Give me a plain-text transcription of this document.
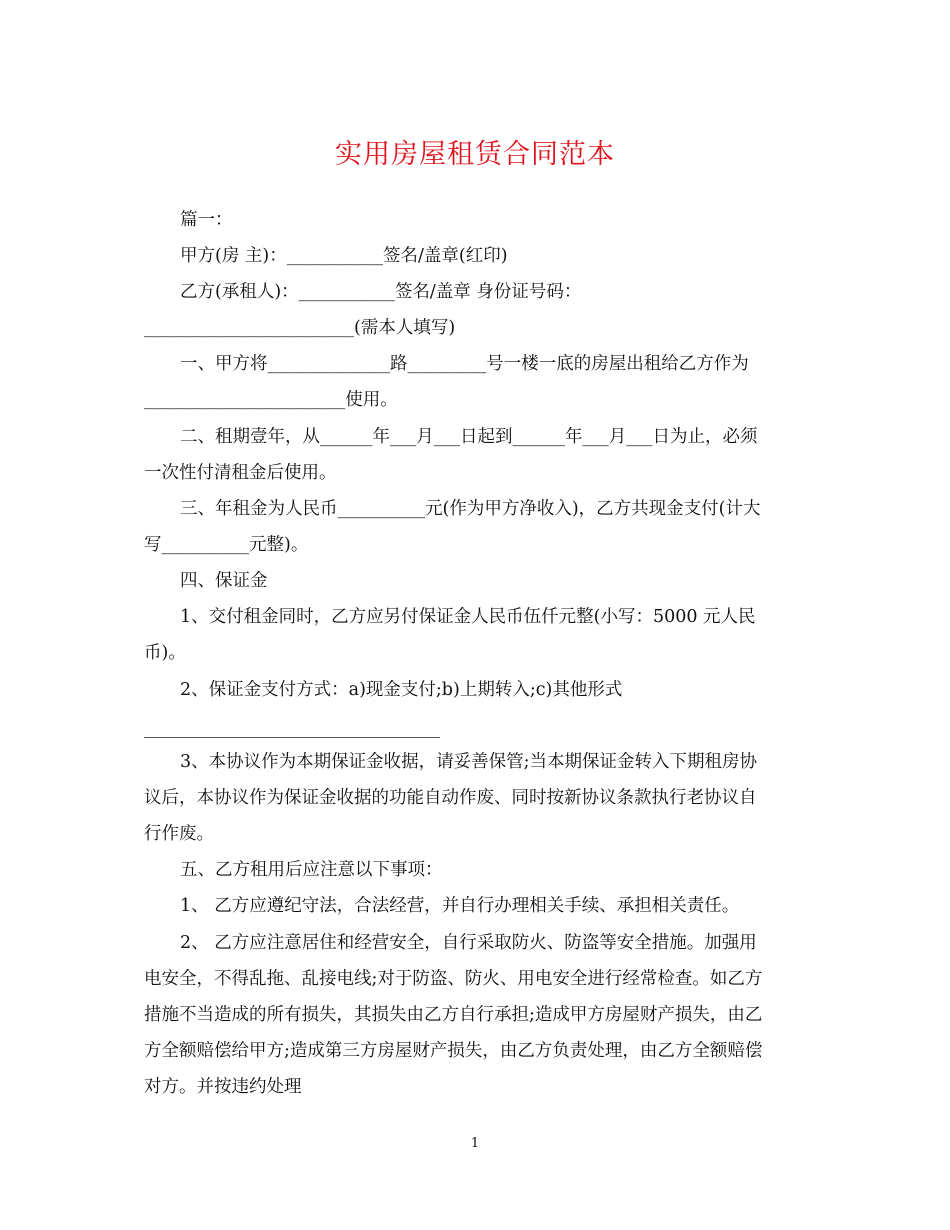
实用房屋租赁合同范本
篇一：
甲方(房 主)：___________签名/盖章(红印)
乙方(承租人)：___________签名/盖章 身份证号码：
________________________(需本人填写)
一、甲方将______________路_________号一楼一底的房屋出租给乙方作为
_______________________使用。
二、租期壹年，从______年___月___日起到______年___月___日为止，必须
一次性付清租金后使用。
三、年租金为人民币__________元(作为甲方净收入)，乙方共现金支付(计大
写__________元整)。
四、保证金
1、交付租金同时，乙方应另付保证金人民币伍仟元整(小写：5000 元人民
币)。
2、保证金支付方式：a)现金支付;b)上期转入;c)其他形式
3、本协议作为本期保证金收据，请妥善保管;当本期保证金转入下期租房协
议后，本协议作为保证金收据的功能自动作废、同时按新协议条款执行老协议自
行作废。
五、乙方租用后应注意以下事项：
1、 乙方应遵纪守法，合法经营，并自行办理相关手续、承担相关责任。
2、 乙方应注意居住和经营安全，自行采取防火、防盗等安全措施。加强用
电安全，不得乱拖、乱接电线;对于防盗、防火、用电安全进行经常检查。如乙方
措施不当造成的所有损失，其损失由乙方自行承担;造成甲方房屋财产损失，由乙
方全额赔偿给甲方;造成第三方房屋财产损失，由乙方负责处理，由乙方全额赔偿
对方。并按违约处理
1
